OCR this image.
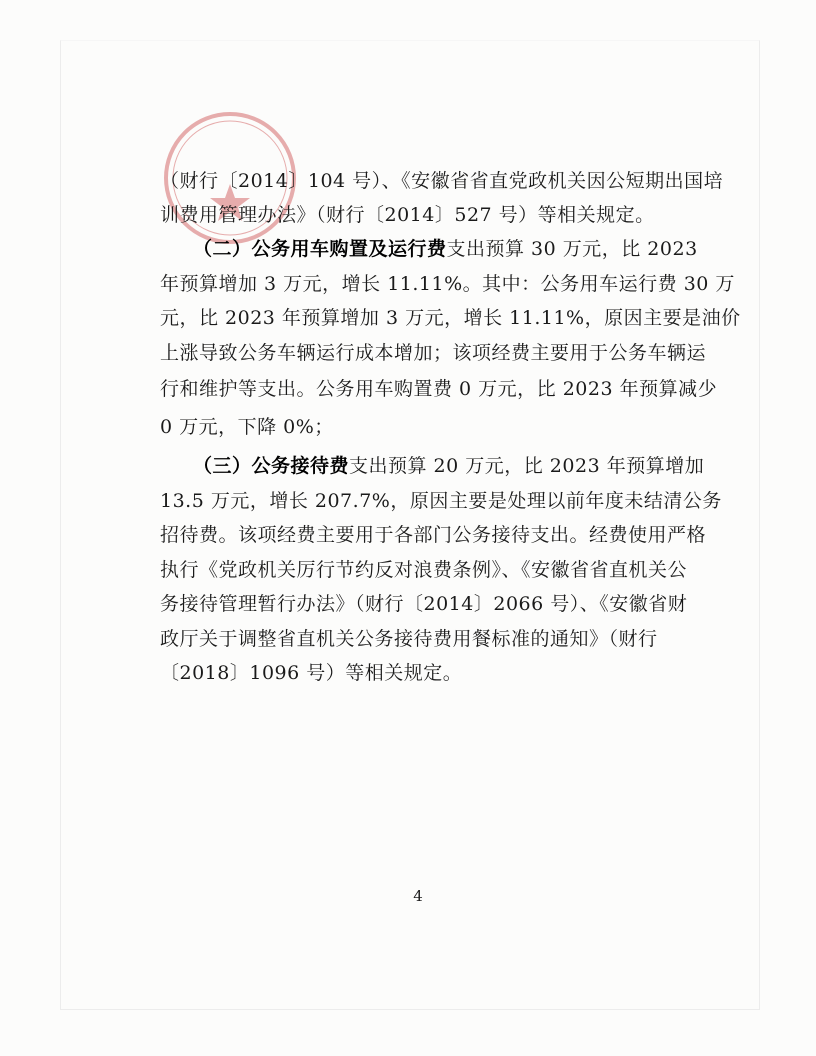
（财行〔2014〕104 号）、《安徽省省直党政机关因公短期出国培
训费用管理办法》（财行〔2014〕527 号）等相关规定。
（二）公务用车购置及运行费支出预算 30 万元，比 2023
年预算增加 3 万元，增长 11.11%。其中：公务用车运行费 30 万
元，比 2023 年预算增加 3 万元，增长 11.11%，原因主要是油价
上涨导致公务车辆运行成本增加；该项经费主要用于公务车辆运
行和维护等支出。公务用车购置费 0 万元，比 2023 年预算减少
0 万元，下降 0%；
（三）公务接待费支出预算 20 万元，比 2023 年预算增加
13.5 万元，增长 207.7%，原因主要是处理以前年度未结清公务
招待费。该项经费主要用于各部门公务接待支出。经费使用严格
执行《党政机关厉行节约反对浪费条例》、《安徽省省直机关公
务接待管理暂行办法》（财行〔2014〕2066 号）、《安徽省财
政厅关于调整省直机关公务接待费用餐标准的通知》（财行
〔2018〕1096 号）等相关规定。
4
